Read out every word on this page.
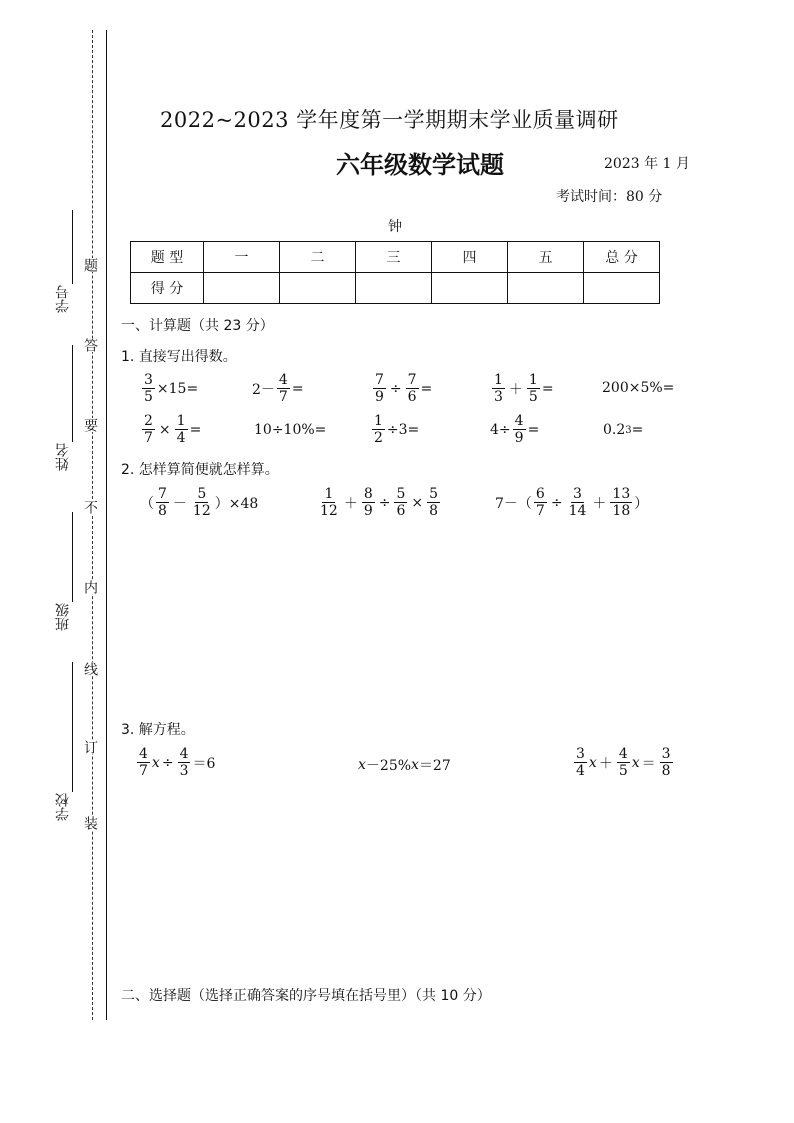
装
订
线
内
不
要
答
题
学校
班级
姓名
学号
2022~2023 学年度第一学期期末学业质量调研
六年级数学试题	2023 年 1 月
考试时间：80 分
钟
题 型	一	二	三	四	五	总 分
得 分						
一、计算题（共 23 分）
1. 直接写出得数。
$\frac{3}{5} \times 15=$	$2- \frac{4}{7}$ =	$\frac{7}{9} \div \frac{7}{6}$ =	$\frac{1}{3} + \frac{1}{5}$ =	200×5%=
$\frac{2}{7} \times \frac{1}{4}$ =	10÷10%=	$\frac{1}{2} \div 3=$	$4\div \frac{4}{9}$ =	0.2 3 =
2. 怎样算简便就怎样算。
（ $\frac{7}{8} - \frac{5}{12} )\times 48$	$\frac{1}{12} + \frac{8}{9} \div \frac{5}{6} \times \frac{5}{8}$	$7-( \frac{6}{7} \div \frac{3}{14} + \frac{13}{18}$ ）
3. 解方程。
$\frac{4}{7}$ $x \div \frac{4}{3} =6$	x －25% x ＝27	$\frac{3}{4}$ $x + \frac{4}{5}$ $x = \frac{3}{8}$
二、选择题（选择正确答案的序号填在括号里）（共 10 分）
